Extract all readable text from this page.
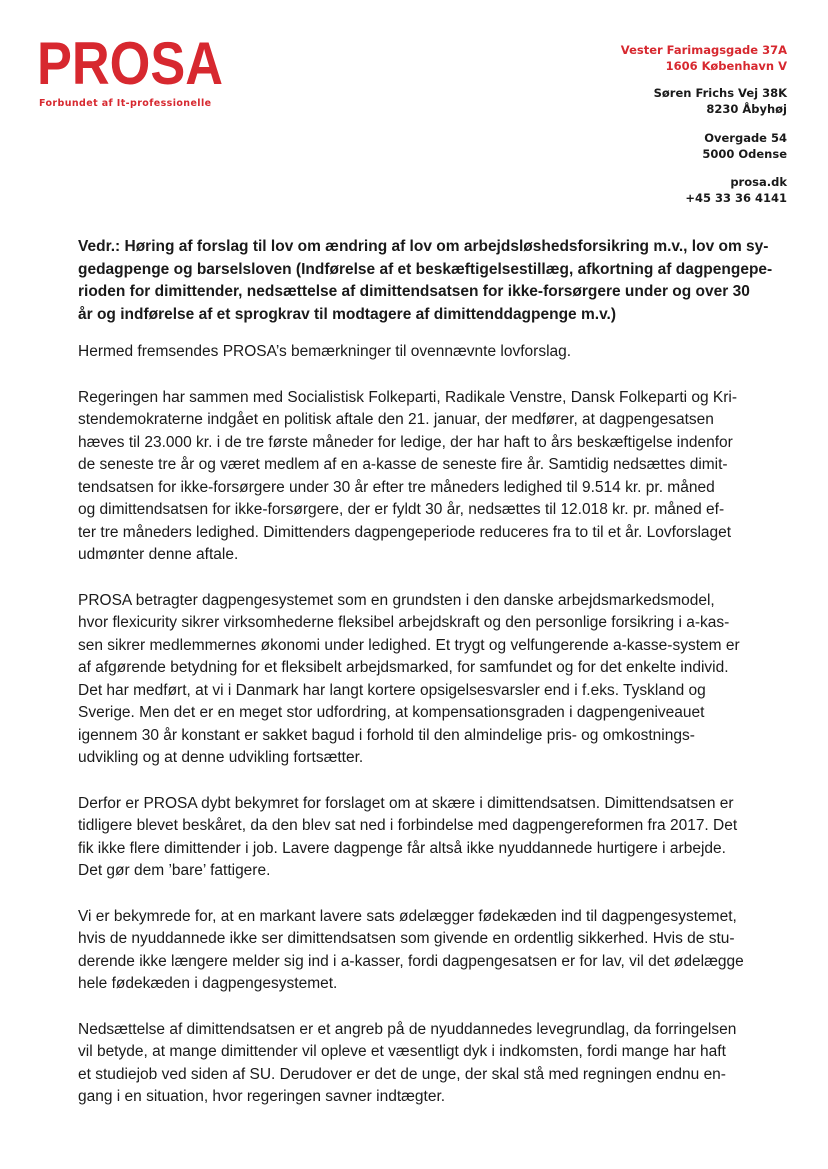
PROSA
Forbundet af It-professionelle
Vester Farimagsgade 37A
1606 København V
Søren Frichs Vej 38K
8230 Åbyhøj
Overgade 54
5000 Odense
prosa.dk
+45 33 36 4141
Vedr.: Høring af forslag til lov om ændring af lov om arbejdsløshedsforsikring m.v., lov om sy-
gedagpenge og barselsloven (Indførelse af et beskæftigelsestillæg, afkortning af dagpengepe-
rioden for dimittender, nedsættelse af dimittendsatsen for ikke-forsørgere under og over 30
år og indførelse af et sprogkrav til modtagere af dimittenddagpenge m.v.)

Hermed fremsendes PROSA’s bemærkninger til ovennævnte lovforslag.

Regeringen har sammen med Socialistisk Folkeparti, Radikale Venstre, Dansk Folkeparti og Kri-
stendemokraterne indgået en politisk aftale den 21. januar, der medfører, at dagpengesatsen
hæves til 23.000 kr. i de tre første måneder for ledige, der har haft to års beskæftigelse indenfor
de seneste tre år og været medlem af en a-kasse de seneste fire år. Samtidig nedsættes dimit-
tendsatsen for ikke-forsørgere under 30 år efter tre måneders ledighed til 9.514 kr. pr. måned
og dimittendsatsen for ikke-forsørgere, der er fyldt 30 år, nedsættes til 12.018 kr. pr. måned ef-
ter tre måneders ledighed. Dimittenders dagpengeperiode reduceres fra to til et år. Lovforslaget
udmønter denne aftale.

PROSA betragter dagpengesystemet som en grundsten i den danske arbejdsmarkedsmodel,
hvor flexicurity sikrer virksomhederne fleksibel arbejdskraft og den personlige forsikring i a-kas-
sen sikrer medlemmernes økonomi under ledighed. Et trygt og velfungerende a-kasse-system er
af afgørende betydning for et fleksibelt arbejdsmarked, for samfundet og for det enkelte individ.
Det har medført, at vi i Danmark har langt kortere opsigelsesvarsler end i f.eks. Tyskland og
Sverige. Men det er en meget stor udfordring, at kompensationsgraden i dagpengeniveauet
igennem 30 år konstant er sakket bagud i forhold til den almindelige pris- og omkostnings-
udvikling og at denne udvikling fortsætter.

Derfor er PROSA dybt bekymret for forslaget om at skære i dimittendsatsen. Dimittendsatsen er
tidligere blevet beskåret, da den blev sat ned i forbindelse med dagpengereformen fra 2017. Det
fik ikke flere dimittender i job. Lavere dagpenge får altså ikke nyuddannede hurtigere i arbejde.
Det gør dem ’bare’ fattigere.

Vi er bekymrede for, at en markant lavere sats ødelægger fødekæden ind til dagpengesystemet,
hvis de nyuddannede ikke ser dimittendsatsen som givende en ordentlig sikkerhed. Hvis de stu-
derende ikke længere melder sig ind i a-kasser, fordi dagpengesatsen er for lav, vil det ødelægge
hele fødekæden i dagpengesystemet.

Nedsættelse af dimittendsatsen er et angreb på de nyuddannedes levegrundlag, da forringelsen
vil betyde, at mange dimittender vil opleve et væsentligt dyk i indkomsten, fordi mange har haft
et studiejob ved siden af SU. Derudover er det de unge, der skal stå med regningen endnu en-
gang i en situation, hvor regeringen savner indtægter.
